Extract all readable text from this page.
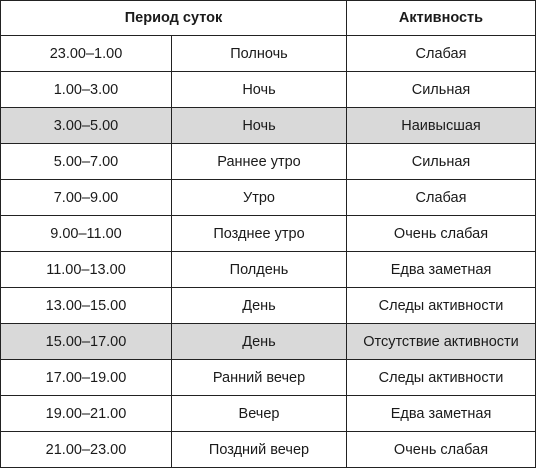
Период суток		Активность
23.00–1.00	Полночь	Слабая
1.00–3.00	Ночь	Сильная
3.00–5.00	Ночь	Наивысшая
5.00–7.00	Раннее утро	Сильная
7.00–9.00	Утро	Слабая
9.00–11.00	Позднее утро	Очень слабая
11.00–13.00	Полдень	Едва заметная
13.00–15.00	День	Следы активности
15.00–17.00	День	Отсутствие активности
17.00–19.00	Ранний вечер	Следы активности
19.00–21.00	Вечер	Едва заметная
21.00–23.00	Поздний вечер	Очень слабая
